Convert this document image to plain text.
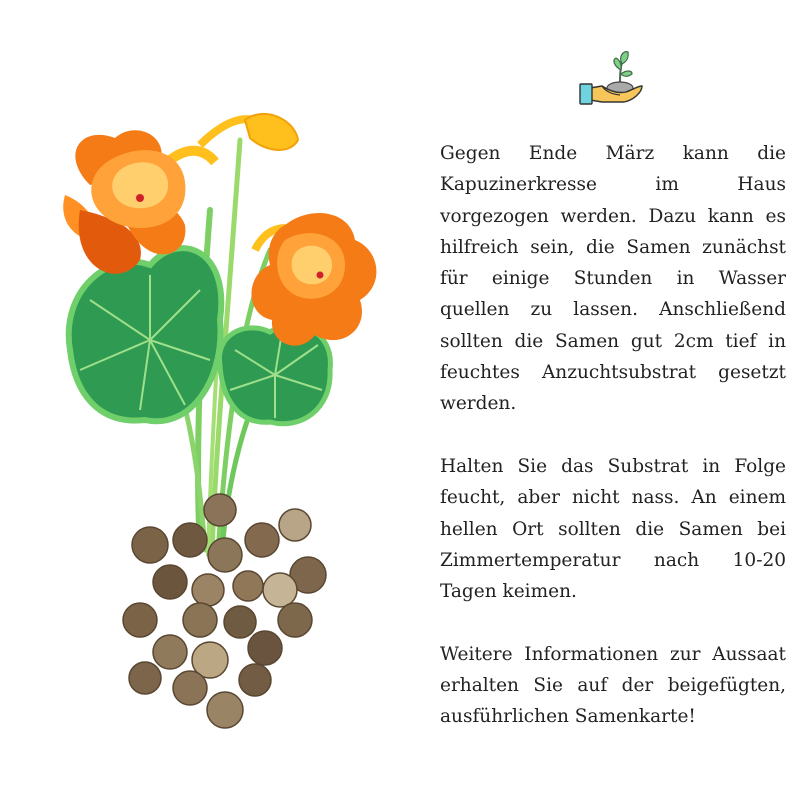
Gegen Ende März kann die Kapuzinerkresse im Haus vorgezogen werden. Dazu kann es hilfreich sein, die Samen zunächst für einige Stunden in Wasser quellen zu lassen. Anschließend sollten die Samen gut 2cm tief in feuchtes Anzuchtsubstrat gesetzt werden.

Halten Sie das Substrat in Folge feucht, aber nicht nass. An einem hellen Ort sollten die Samen bei Zimmertemperatur nach 10-20 Tagen keimen.

Weitere Informationen zur Aussaat erhalten Sie auf der beigefügten, ausführlichen Samenkarte!
